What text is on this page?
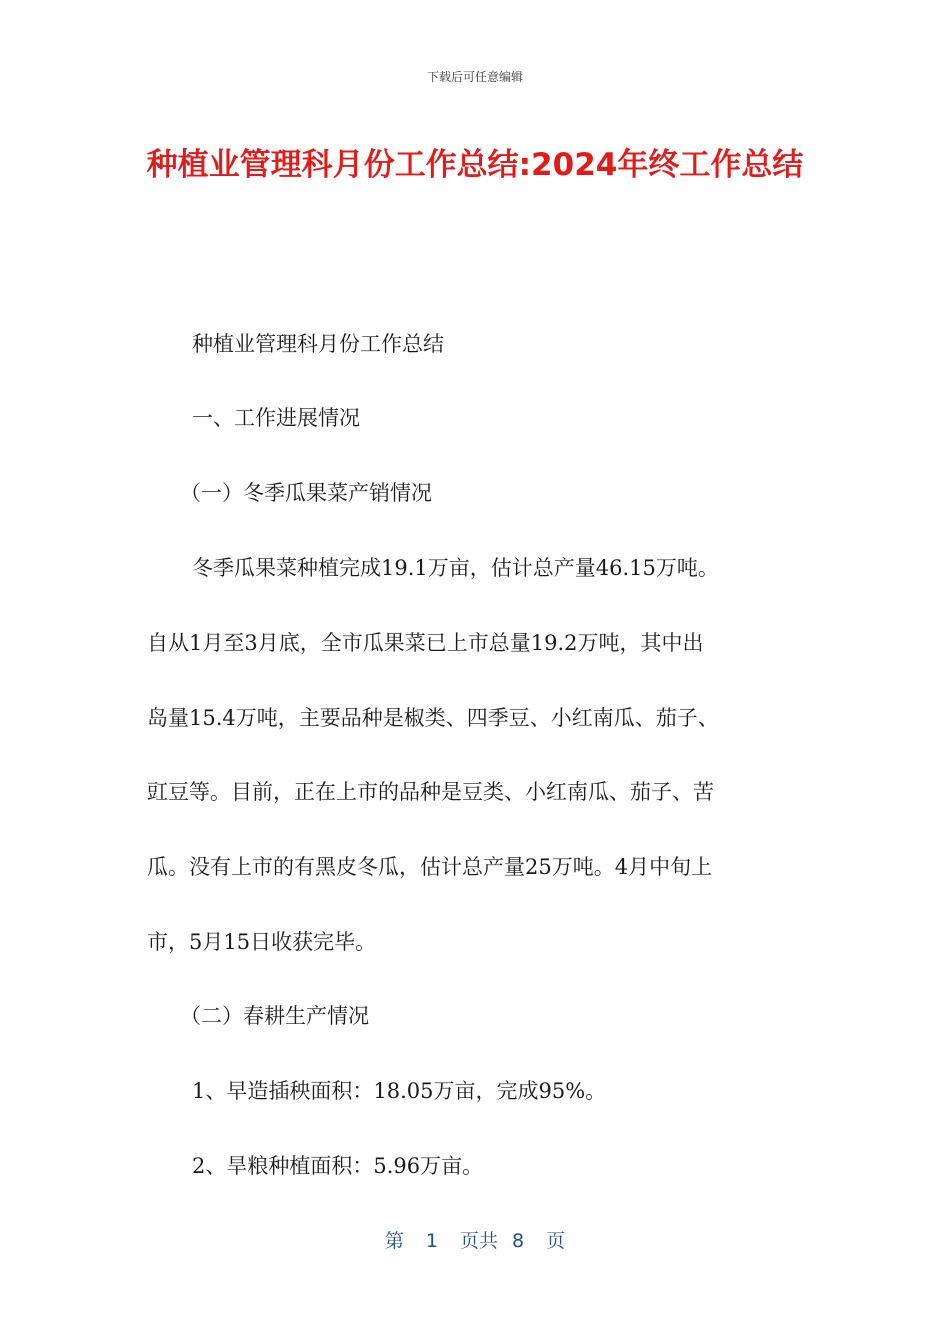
下载后可任意编辑
种植业管理科月份工作总结:2024年终工作总结
种植业管理科月份工作总结
一、工作进展情况
（一）冬季瓜果菜产销情况
冬季瓜果菜种植完成19.1万亩，估计总产量46.15万吨。
自从1月至3月底，全市瓜果菜已上市总量19.2万吨，其中出
岛量15.4万吨，主要品种是椒类、四季豆、小红南瓜、茄子、
豇豆等。目前，正在上市的品种是豆类、小红南瓜、茄子、苦
瓜。没有上市的有黑皮冬瓜，估计总产量25万吨。4月中旬上
市，5月15日收获完毕。
（二）春耕生产情况
1、早造插秧面积：18.05万亩，完成95%。
2、旱粮种植面积：5.96万亩。
第 1 页共 8 页
